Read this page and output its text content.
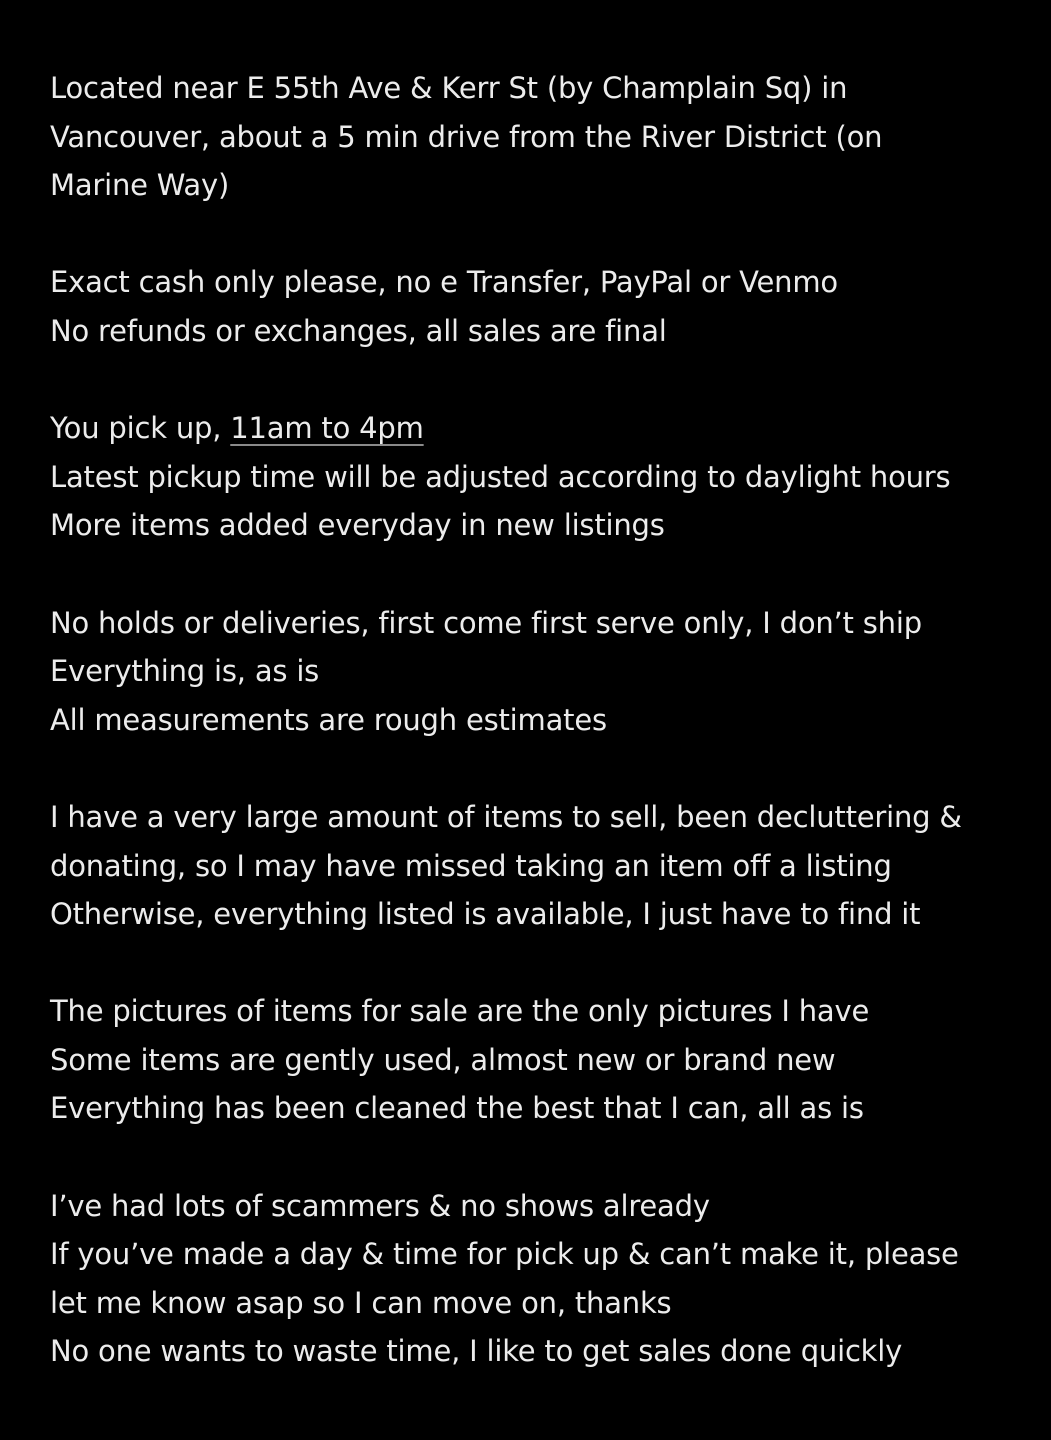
Located near E 55th Ave & Kerr St (by Champlain Sq) in
Vancouver, about a 5 min drive from the River District (on
Marine Way)
Exact cash only please, no e Transfer, PayPal or Venmo
No refunds or exchanges, all sales are final
You pick up, 11am to 4pm
Latest pickup time will be adjusted according to daylight hours
More items added everyday in new listings
No holds or deliveries, first come first serve only, I don’t ship
Everything is, as is
All measurements are rough estimates
I have a very large amount of items to sell, been decluttering &
donating, so I may have missed taking an item off a listing
Otherwise, everything listed is available, I just have to find it
The pictures of items for sale are the only pictures I have
Some items are gently used, almost new or brand new
Everything has been cleaned the best that I can, all as is
I’ve had lots of scammers & no shows already
If you’ve made a day & time for pick up & can’t make it, please
let me know asap so I can move on, thanks
No one wants to waste time, I like to get sales done quickly
